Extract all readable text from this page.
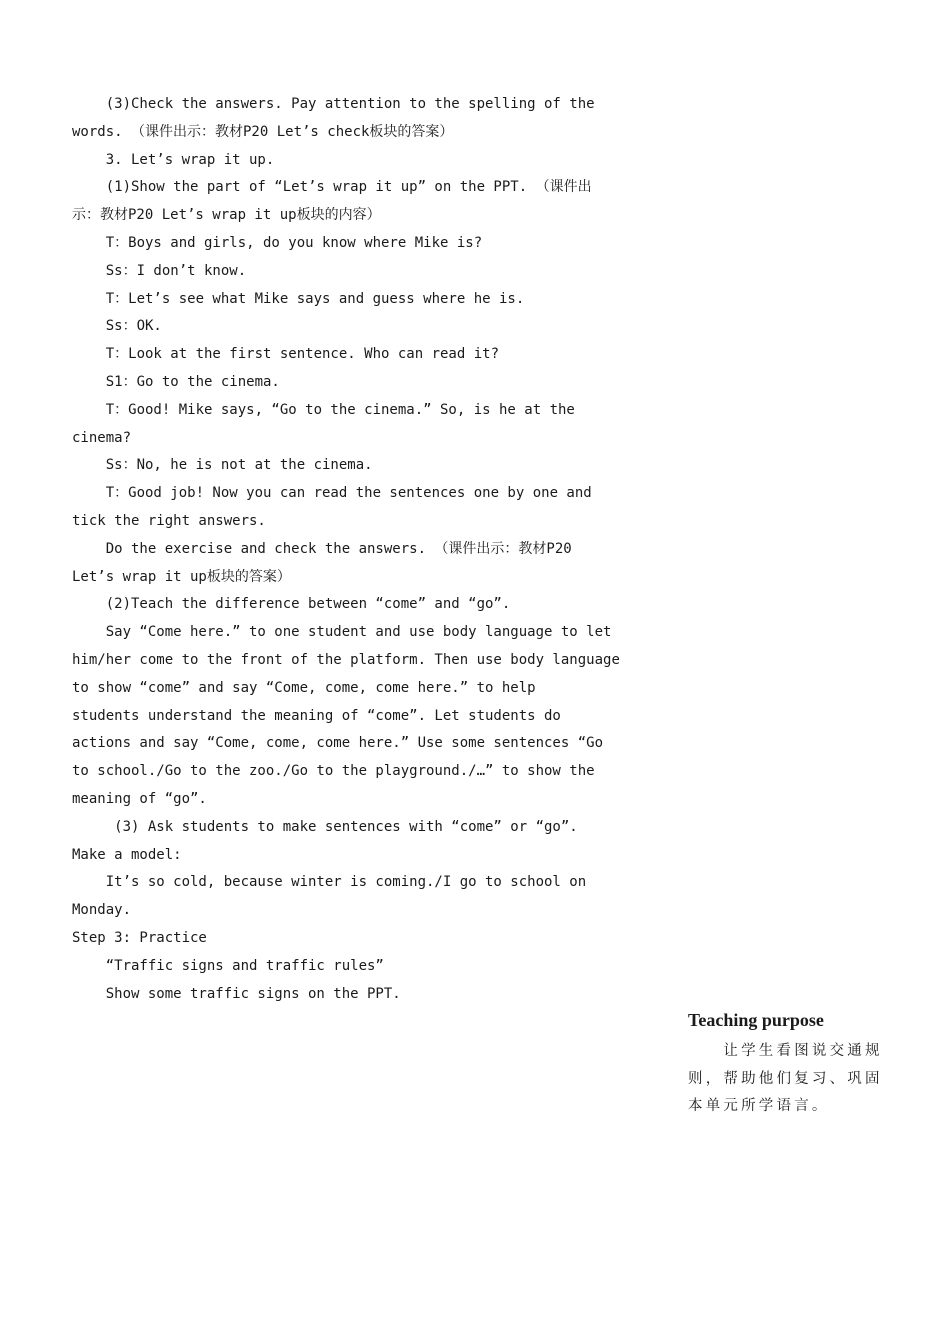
(3)Check the answers. Pay attention to the spelling of the
words. （课件出示：教材P20 Let’s check板块的答案）
3. Let’s wrap it up.
(1)Show the part of “Let’s wrap it up” on the PPT. （课件出
示：教材P20 Let’s wrap it up板块的内容）
T：Boys and girls, do you know where Mike is?
Ss：I don’t know.
T：Let’s see what Mike says and guess where he is.
Ss：OK.
T：Look at the first sentence. Who can read it?
S1：Go to the cinema.
T：Good! Mike says, “Go to the cinema.” So, is he at the
cinema?
Ss：No, he is not at the cinema.
T：Good job! Now you can read the sentences one by one and
tick the right answers.
Do the exercise and check the answers. （课件出示：教材P20
Let’s wrap it up板块的答案）
(2)Teach the difference between “come” and “go”.
Say “Come here.” to one student and use body language to let
him/her come to the front of the platform. Then use body language
to show “come” and say “Come, come, come here.” to help
students understand the meaning of “come”. Let students do
actions and say “Come, come, come here.” Use some sentences “Go
to school./Go to the zoo./Go to the playground./…” to show the
meaning of “go”.
(3) Ask students to make sentences with “come” or “go”.
Make a model:
It’s so cold, because winter is coming./I go to school on
Monday.
Step 3: Practice
“Traffic signs and traffic rules”
Show some traffic signs on the PPT.
Teaching purpose
　　让学生看图说交通规
则，帮助他们复习、巩固
本单元所学语言。
